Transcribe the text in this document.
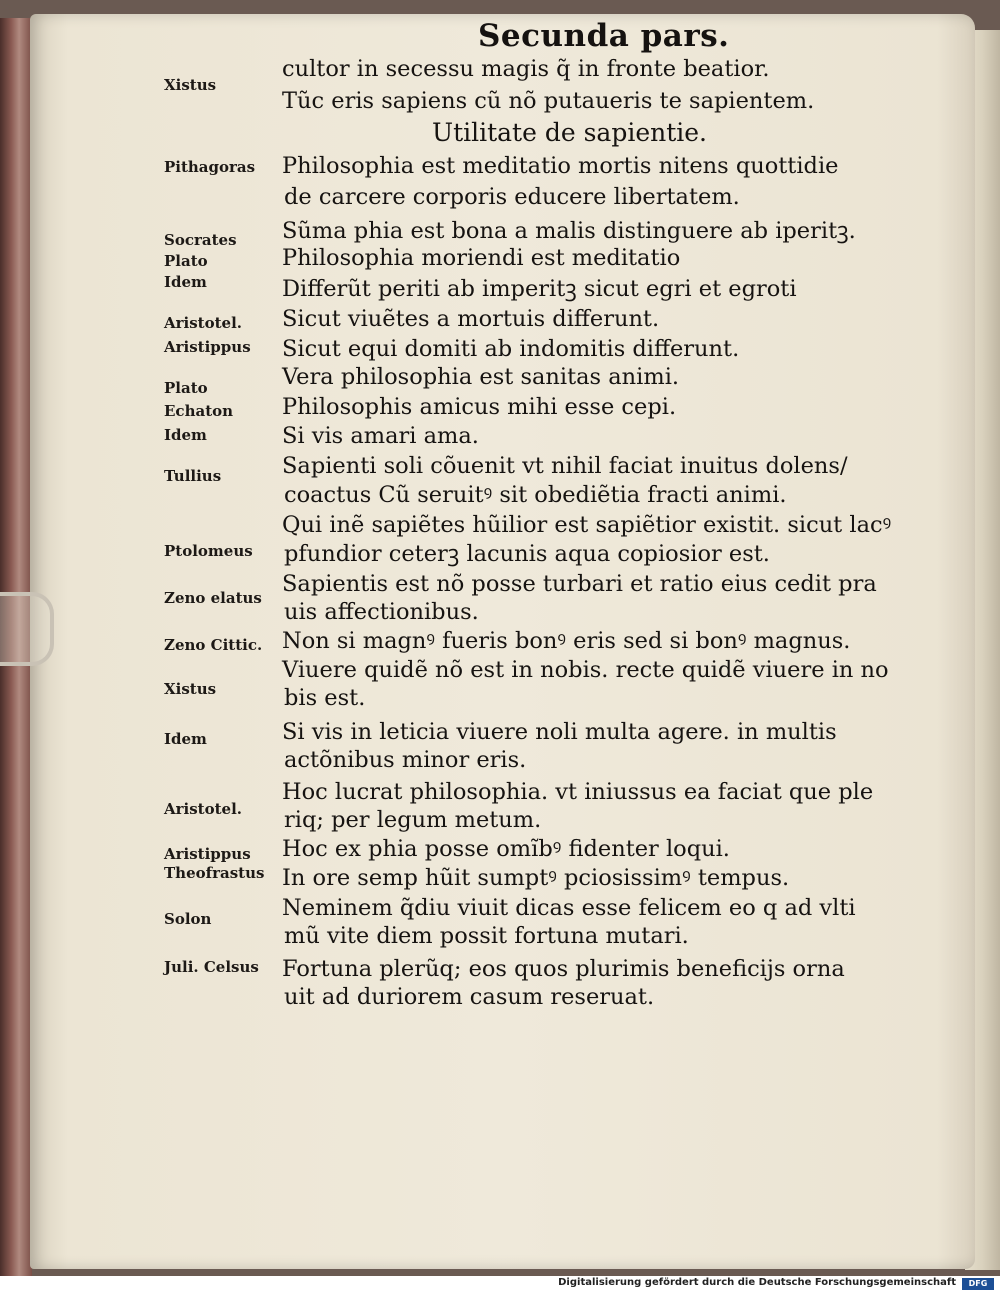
Secunda pars.
cultor in secessu magis q̃ in fronte beatior.
Tũc eris sapiens cũ nõ putaueris te sapientem.
Utilitate de sapientie.
Philosophia est meditatio mortis nitens quottidie
de carcere corporis educere libertatem.
Sũma phia est bona a malis distinguere ab iperitꝫ.
Philosophia moriendi est meditatio
Differũt periti ab imperitꝫ sicut egri et egroti
Sicut viuẽtes a mortuis differunt.
Sicut equi domiti ab indomitis differunt.
Vera philosophia est sanitas animi.
Philosophis amicus mihi esse cepi.
Si vis amari ama.
Sapienti soli cõuenit vt nihil faciat inuitus dolens/
coactus Cũ seruitꝰ sit obediẽtia fracti animi.
Qui inẽ sapiẽtes hũilior est sapiẽtior existit. sicut lacꝰ
pfundior ceterꝫ lacunis aqua copiosior est.
Sapientis est nõ posse turbari et ratio eius cedit pra
uis affectionibus.
Non si magnꝰ fueris bonꝰ eris sed si bonꝰ magnus.
Viuere quidẽ nõ est in nobis. recte quidẽ viuere in no
bis est.
Si vis in leticia viuere noli multa agere. in multis
actõnibus minor eris.
Hoc lucrat philosophia. vt iniussus ea faciat que ple
riq; per legum metum.
Hoc ex phia posse omĩbꝰ fidenter loqui.
In ore semp hũit sumptꝰ pciosissimꝰ tempus.
Neminem q̃diu viuit dicas esse felicem eo q ad vlti
mũ vite diem possit fortuna mutari.
Fortuna plerũq; eos quos plurimis beneficijs orna
uit ad duriorem casum reseruat.
Xistus
Pithagoras
Socrates
Plato
Idem
Aristotel.
Aristippus
Plato
Echaton
Idem
Tullius
Ptolomeus
Zeno elatus
Zeno Cittic.
Xistus
Idem
Aristotel.
Aristippus
Theofrastus
Solon
Juli. Celsus
Digitalisierung gefördert durch die Deutsche Forschungsgemeinschaft	DFG
